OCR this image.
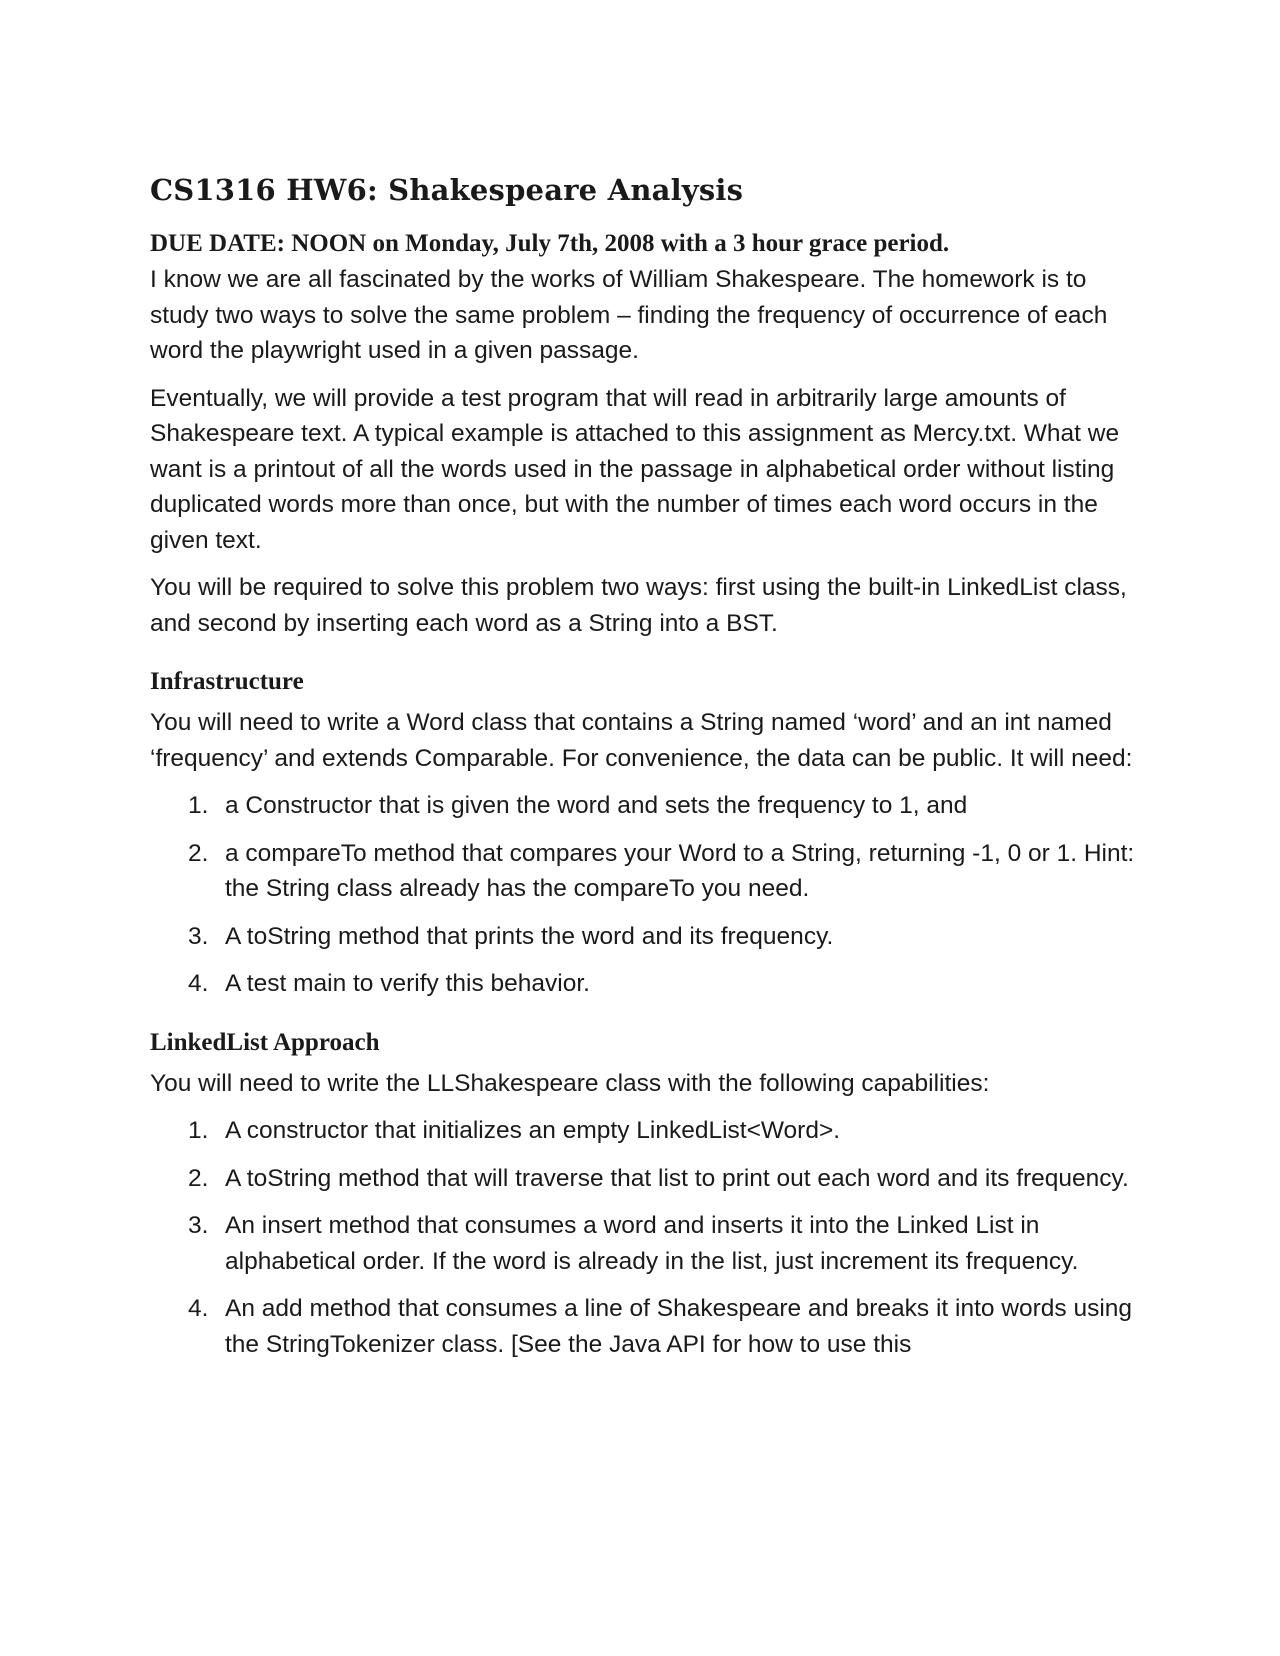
CS1316 HW6: Shakespeare Analysis
DUE DATE: NOON on Monday, July 7th, 2008 with a 3 hour grace period.

I know we are all fascinated by the works of William Shakespeare. The homework is to study two ways to solve the same problem – finding the frequency of occurrence of each word the playwright used in a given passage.

Eventually, we will provide a test program that will read in arbitrarily large amounts of Shakespeare text. A typical example is attached to this assignment as Mercy.txt. What we want is a printout of all the words used in the passage in alphabetical order without listing duplicated words more than once, but with the number of times each word occurs in the given text.

You will be required to solve this problem two ways: first using the built-in LinkedList class, and second by inserting each word as a String into a BST.

Infrastructure

You will need to write a Word class that contains a String named ‘word’ and an int named ‘frequency’ and extends Comparable. For convenience, the data can be public. It will need:

1. a Constructor that is given the word and sets the frequency to 1, and
2. a compareTo method that compares your Word to a String, returning -1, 0 or 1. Hint: the String class already has the compareTo you need.
3. A toString method that prints the word and its frequency.
4. A test main to verify this behavior.
LinkedList Approach

You will need to write the LLShakespeare class with the following capabilities:

1. A constructor that initializes an empty LinkedList<Word>.
2. A toString method that will traverse that list to print out each word and its frequency.
3. An insert method that consumes a word and inserts it into the Linked List in alphabetical order. If the word is already in the list, just increment its frequency.
4. An add method that consumes a line of Shakespeare and breaks it into words using the StringTokenizer class. [See the Java API for how to use this
